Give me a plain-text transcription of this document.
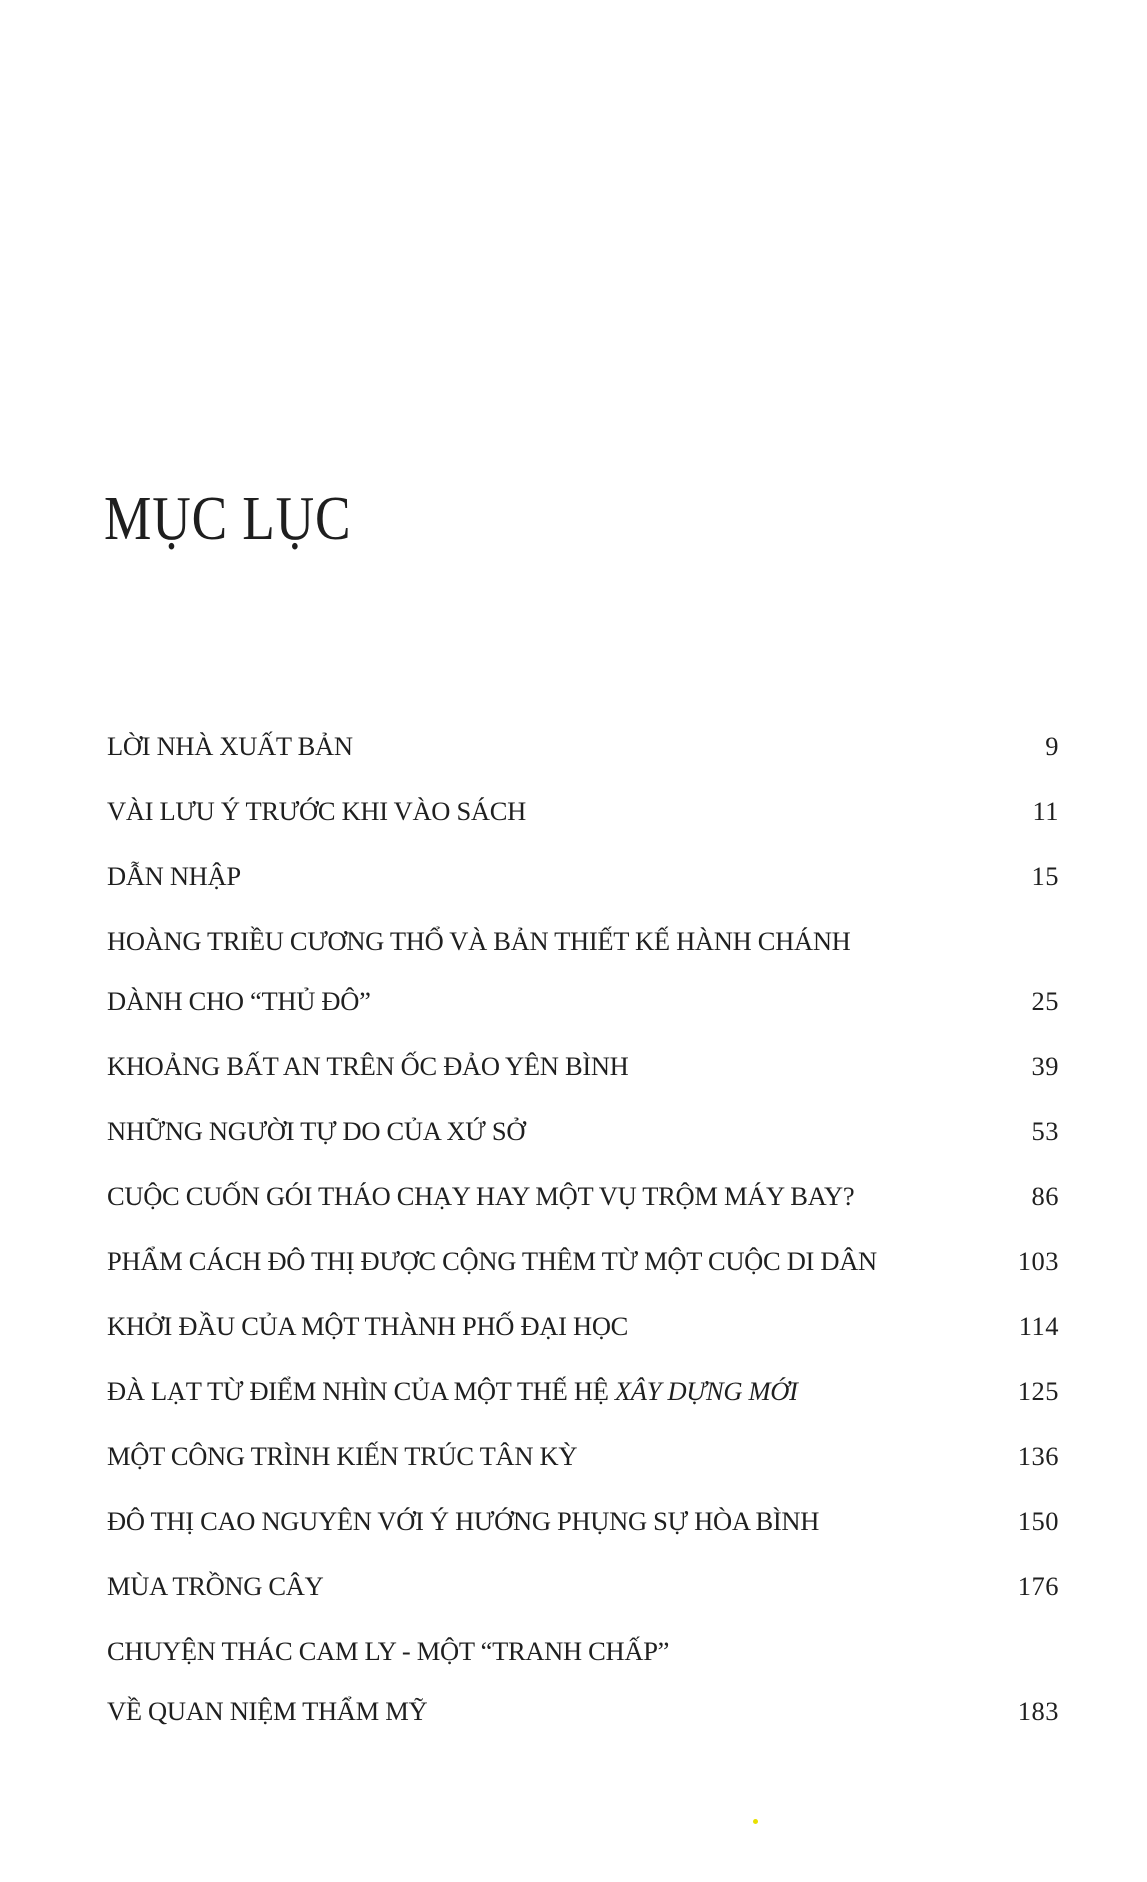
MỤC LỤC
LỜI NHÀ XUẤT BẢN	9
VÀI LƯU Ý TRƯỚC KHI VÀO SÁCH	11
DẪN NHẬP	15
HOÀNG TRIỀU CƯƠNG THỔ VÀ BẢN THIẾT KẾ HÀNH CHÁNH
DÀNH CHO “THỦ ĐÔ”	25
KHOẢNG BẤT AN TRÊN ỐC ĐẢO YÊN BÌNH	39
NHỮNG NGƯỜI TỰ DO CỦA XỨ SỞ	53
CUỘC CUỐN GÓI THÁO CHẠY HAY MỘT VỤ TRỘM MÁY BAY?	86
PHẨM CÁCH ĐÔ THỊ ĐƯỢC CỘNG THÊM TỪ MỘT CUỘC DI DÂN	103
KHỞI ĐẦU CỦA MỘT THÀNH PHỐ ĐẠI HỌC	114
ĐÀ LẠT TỪ ĐIỂM NHÌN CỦA MỘT THẾ HỆ XÂY DỰNG MỚI	125
MỘT CÔNG TRÌNH KIẾN TRÚC TÂN KỲ	136
ĐÔ THỊ CAO NGUYÊN VỚI Ý HƯỚNG PHỤNG SỰ HÒA BÌNH	150
MÙA TRỒNG CÂY	176
CHUYỆN THÁC CAM LY - MỘT “TRANH CHẤP”
VỀ QUAN NIỆM THẨM MỸ	183
